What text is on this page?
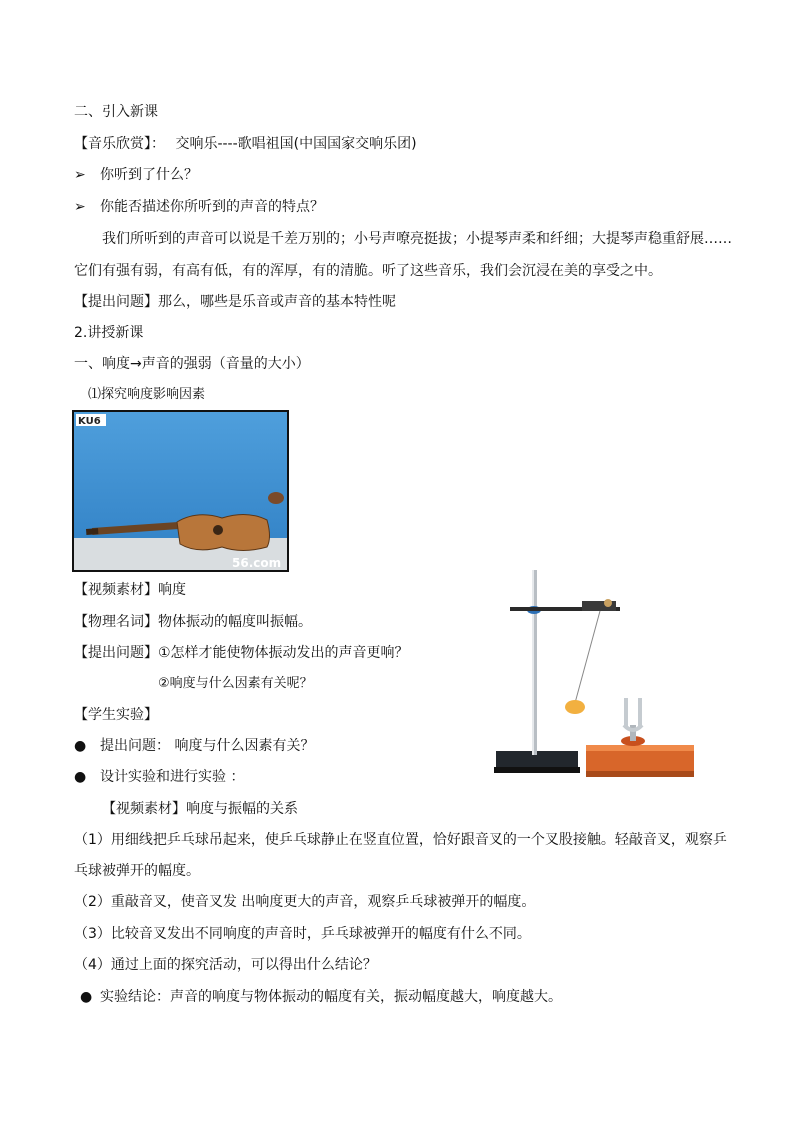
二、引入新课
【音乐欣赏】： 交响乐----歌唱祖国(中国国家交响乐团)
➢ 你听到了什么？
➢ 你能否描述你所听到的声音的特点？
我们所听到的声音可以说是千差万别的；小号声嘹亮挺拔；小提琴声柔和纤细；大提琴声稳重舒展……
它们有强有弱，有高有低，有的浑厚，有的清脆。听了这些音乐，我们会沉浸在美的享受之中。
【提出问题】那么，哪些是乐音或声音的基本特性呢
2.讲授新课
一、响度→声音的强弱（音量的大小）
⑴探究响度影响因素
KU6
56.com
【视频素材】响度
【物理名词】物体振动的幅度叫振幅。
【提出问题】①怎样才能使物体振动发出的声音更响？
②响度与什么因素有关呢？
【学生实验】
● 提出问题： 响度与什么因素有关？
● 设计实验和进行实验 ：
【视频素材】响度与振幅的关系
（1）用细线把乒乓球吊起来，使乒乓球静止在竖直位置，恰好跟音叉的一个叉股接触。轻敲音叉，观察乒
乓球被弹开的幅度。
（2）重敲音叉，使音叉发 出响度更大的声音，观察乒乓球被弹开的幅度。
（3）比较音叉发出不同响度的声音时，乒乓球被弹开的幅度有什么不同。
（4）通过上面的探究活动，可以得出什么结论？
● 实验结论：声音的响度与物体振动的幅度有关，振动幅度越大，响度越大。
